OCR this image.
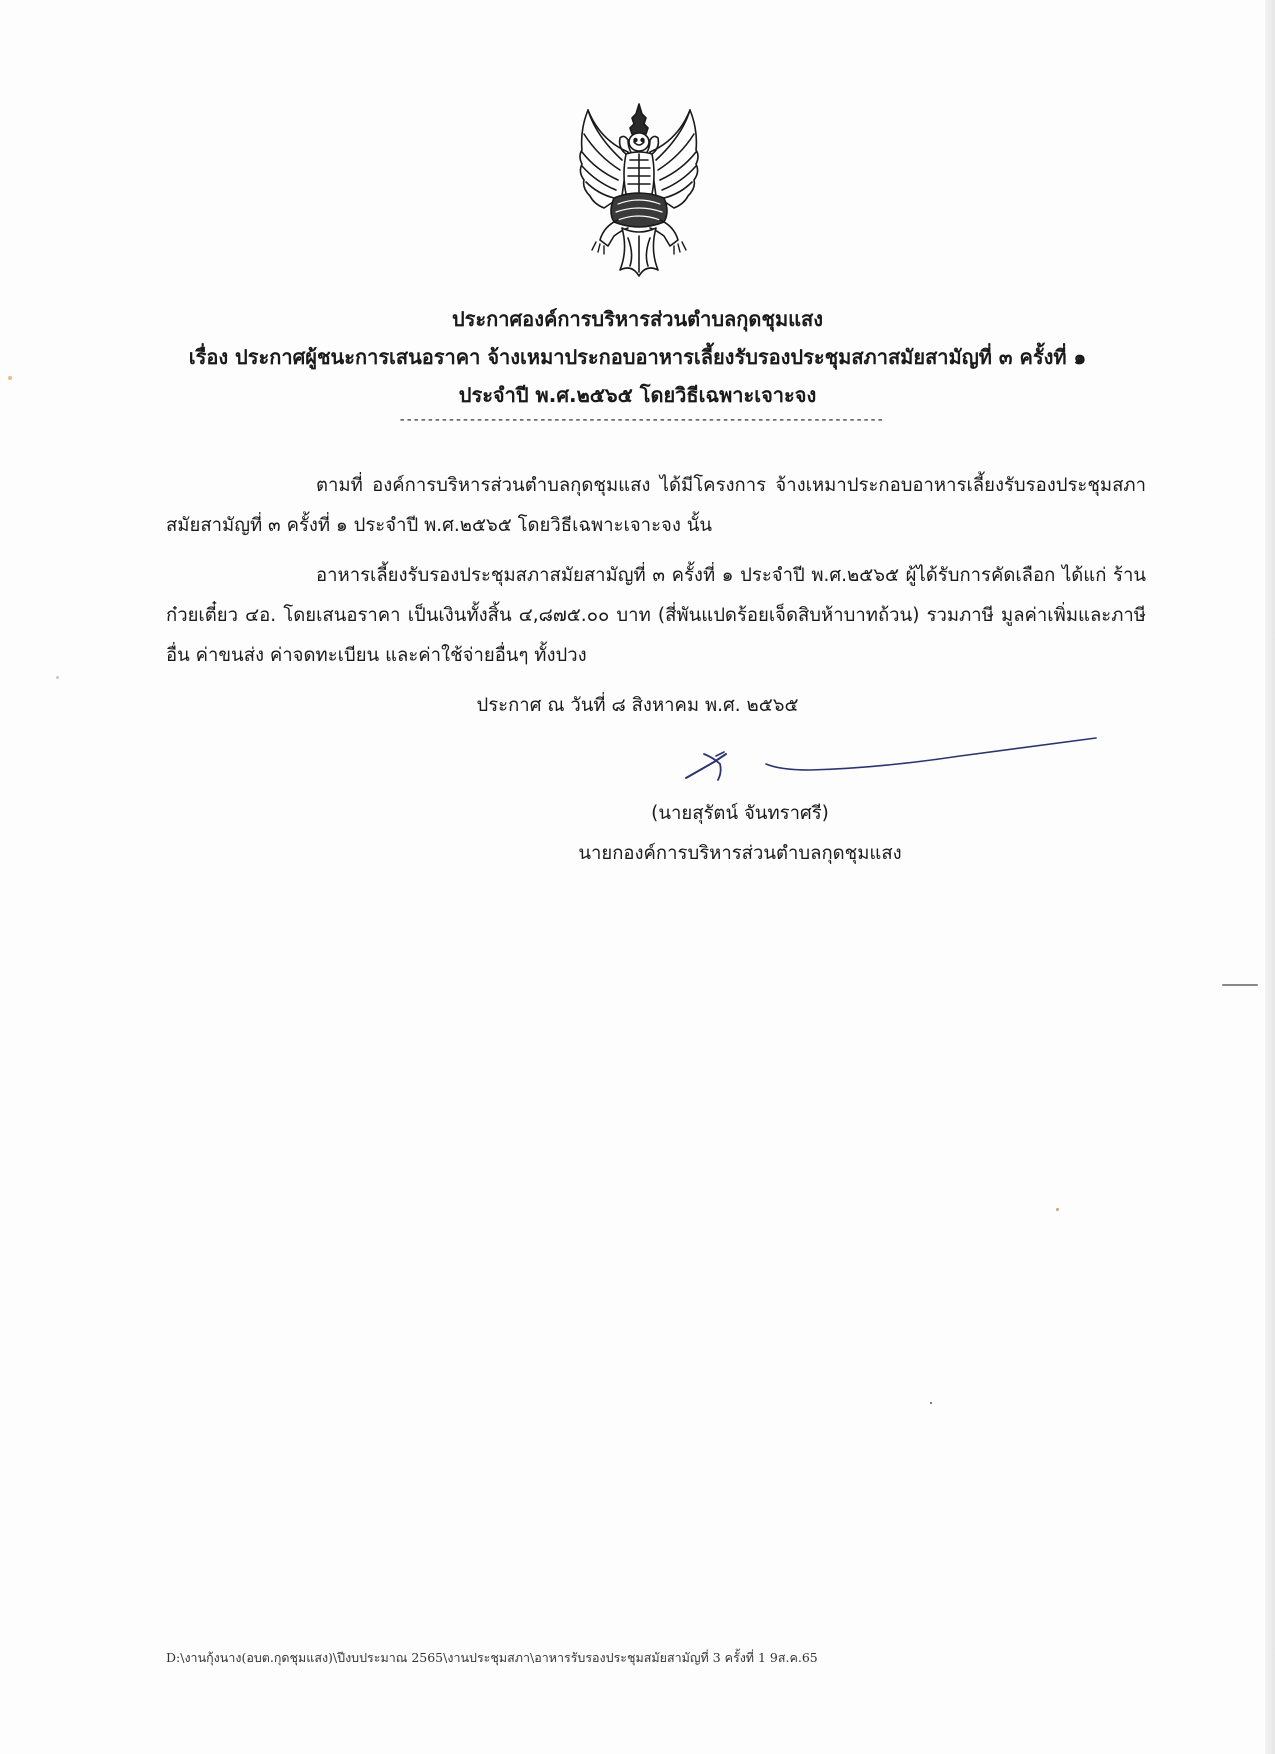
ประกาศองค์การบริหารส่วนตำบลกุดชุมแสง
เรื่อง ประกาศผู้ชนะการเสนอราคา จ้างเหมาประกอบอาหารเลี้ยงรับรองประชุมสภาสมัยสามัญที่ ๓ ครั้งที่ ๑
ประจำปี พ.ศ.๒๕๖๕ โดยวิธีเฉพาะเจาะจง
---------------------------------------------------------------------
ตามที่ องค์การบริหารส่วนตำบลกุดชุมแสง ได้มีโครงการ จ้างเหมาประกอบอาหารเลี้ยงรับรองประชุมสภาสมัยสามัญที่ ๓ ครั้งที่ ๑ ประจำปี พ.ศ.๒๕๖๕ โดยวิธีเฉพาะเจาะจง นั้น
อาหารเลี้ยงรับรองประชุมสภาสมัยสามัญที่ ๓ ครั้งที่ ๑ ประจำปี พ.ศ.๒๕๖๕ ผู้ได้รับการคัดเลือก ได้แก่ ร้านก๋วยเตี๋ยว ๔อ. โดยเสนอราคา เป็นเงินทั้งสิ้น ๔,๘๗๕.๐๐ บาท (สี่พันแปดร้อยเจ็ดสิบห้าบาทถ้วน) รวมภาษี มูลค่าเพิ่มและภาษีอื่น ค่าขนส่ง ค่าจดทะเบียน และค่าใช้จ่ายอื่นๆ ทั้งปวง
ประกาศ ณ วันที่ ๘ สิงหาคม พ.ศ. ๒๕๖๕
(นายสุรัตน์ จันทราศรี)
นายกองค์การบริหารส่วนตำบลกุดชุมแสง
D:\งานกุ้งนาง(อบต.กุดชุมแสง)\ปีงบประมาณ 2565\งานประชุมสภา\อาหารรับรองประชุมสมัยสามัญที่ 3 ครั้งที่ 1 9ส.ค.65
